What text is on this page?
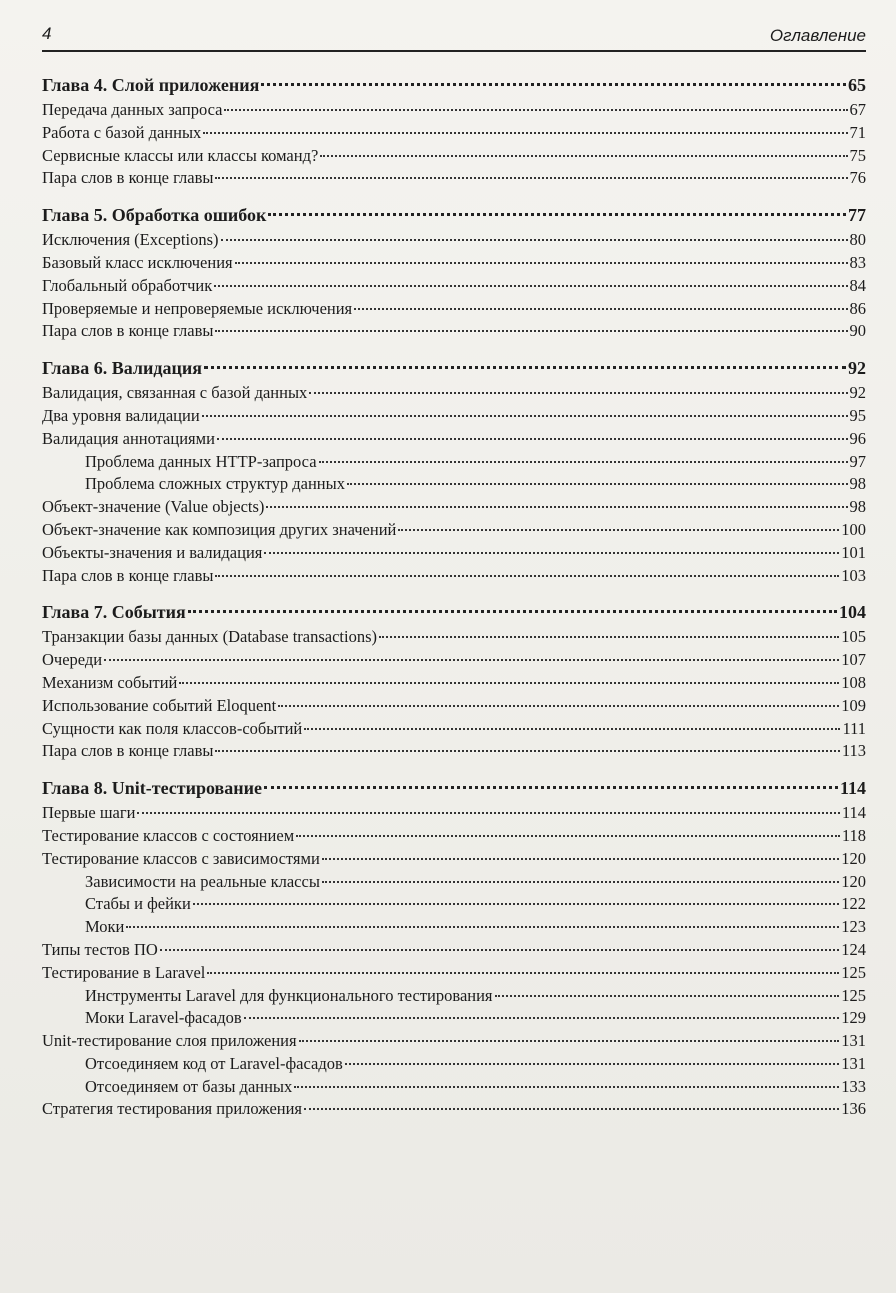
4	Оглавление
Глава 4. Слой приложения	65
Передача данных запроса	67
Работа с базой данных	71
Сервисные классы или классы команд?	75
Пара слов в конце главы	76
Глава 5. Обработка ошибок	77
Исключения (Exceptions)	80
Базовый класс исключения	83
Глобальный обработчик	84
Проверяемые и непроверяемые исключения	86
Пара слов в конце главы	90
Глава 6. Валидация	92
Валидация, связанная с базой данных	92
Два уровня валидации	95
Валидация аннотациями	96
Проблема данных HTTP-запроса	97
Проблема сложных структур данных	98
Объект-значение (Value objects)	98
Объект-значение как композиция других значений	100
Объекты-значения и валидация	101
Пара слов в конце главы	103
Глава 7. События	104
Транзакции базы данных (Database transactions)	105
Очереди	107
Механизм событий	108
Использование событий Eloquent	109
Сущности как поля классов-событий	111
Пара слов в конце главы	113
Глава 8. Unit-тестирование	114
Первые шаги	114
Тестирование классов с состоянием	118
Тестирование классов с зависимостями	120
Зависимости на реальные классы	120
Стабы и фейки	122
Моки	123
Типы тестов ПО	124
Тестирование в Laravel	125
Инструменты Laravel для функционального тестирования	125
Моки Laravel-фасадов	129
Unit-тестирование слоя приложения	131
Отсоединяем код от Laravel-фасадов	131
Отсоединяем от базы данных	133
Стратегия тестирования приложения	136
